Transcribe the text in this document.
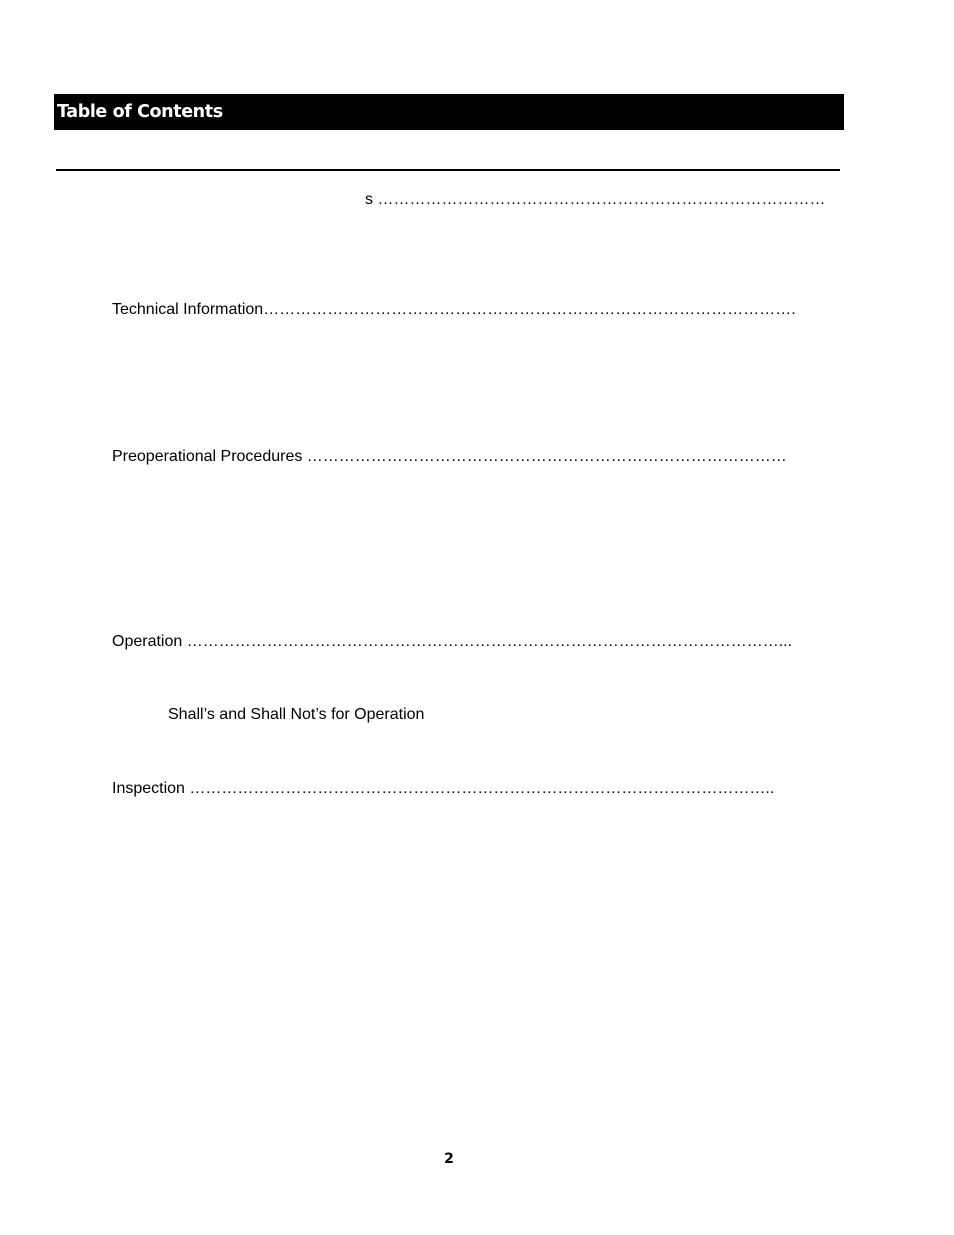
Table of Contents
s …………………………………………………………………………
Technical Information……………………………………………………………………………………….
Preoperational Procedures ………………………………………………………………………………
Operation …………………………………………………………………………………………………...
Shall’s and Shall Not’s for Operation
Inspection ………………………………………………………………………………………………..
2
